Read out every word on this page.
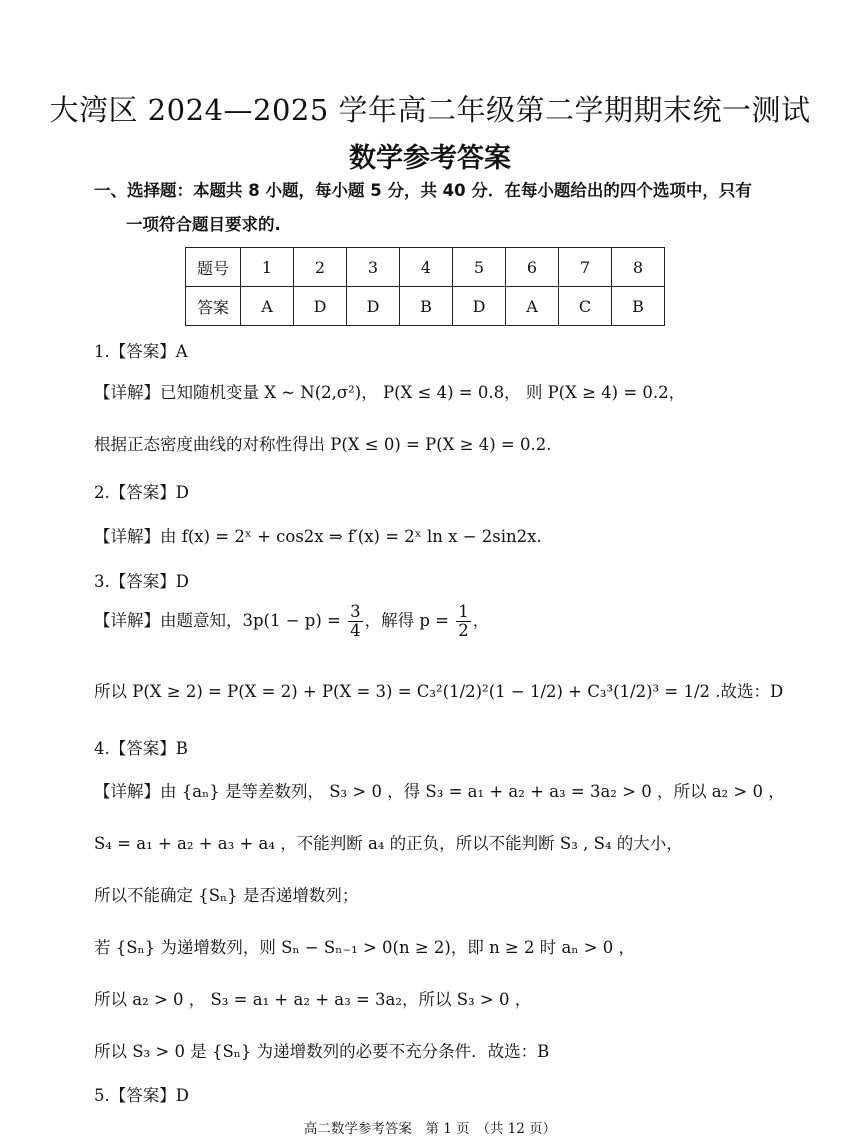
大湾区 2024—2025 学年高二年级第二学期期末统一测试
数学参考答案
一、选择题：本题共 8 小题，每小题 5 分，共 40 分．在每小题给出的四个选项中，只有
一项符合题目要求的.
题号	1	2	3	4	5	6	7	8
答案	A	D	D	B	D	A	C	B
1.【答案】A
【详解】已知随机变量 X ~ N(2,σ²)， P(X ≤ 4) = 0.8， 则 P(X ≥ 4) = 0.2，
根据正态密度曲线的对称性得出 P(X ≤ 0) = P(X ≥ 4) = 0.2.
2.【答案】D
【详解】由 f(x) = 2ˣ + cos2x ⇒ f′(x) = 2ˣ ln x − 2sin2x.
3.【答案】D
【详解】由题意知，$3p(1 - p) = \frac{3}{4}$ ，解得 $p = \frac{1}{2}$ ，
所以 P(X ≥ 2) = P(X = 2) + P(X = 3) = C₃²(1/2)²(1 − 1/2) + C₃³(1/2)³ = 1/2 .故选：D
4.【答案】B
【详解】由 {aₙ} 是等差数列， S₃ > 0 ，得 S₃ = a₁ + a₂ + a₃ = 3a₂ > 0 ，所以 a₂ > 0 ，
S₄ = a₁ + a₂ + a₃ + a₄ ，不能判断 a₄ 的正负，所以不能判断 S₃ , S₄ 的大小，
所以不能确定 {Sₙ} 是否递增数列；
若 {Sₙ} 为递增数列，则 Sₙ − Sₙ₋₁ > 0(n ≥ 2)，即 n ≥ 2 时 aₙ > 0 ，
所以 a₂ > 0 ， S₃ = a₁ + a₂ + a₃ = 3a₂，所以 S₃ > 0 ，
所以 S₃ > 0 是 {Sₙ} 为递增数列的必要不充分条件．故选：B
5.【答案】D
高二数学参考答案　第 1 页　（共 12 页）
